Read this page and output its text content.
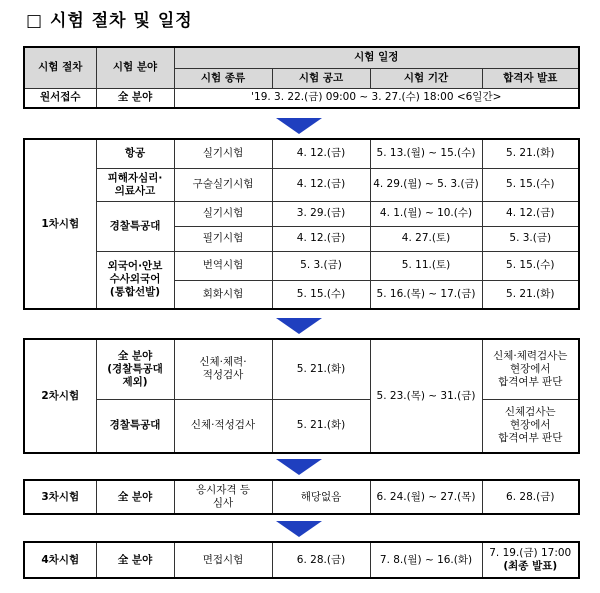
□ 시험 절차 및 일정
시험 절차	시험 분야	시험 일정			
		시험 종류	시험 공고	시험 기간	합격자 발표
원서접수	全 분야	'19. 3. 22.(금) 09:00 ~ 3. 27.(수) 18:00 <6일간>			
1차시험	항공	실기시험	4. 12.(금)	5. 13.(월) ~ 15.(수)	5. 21.(화)
	피해자심리·
의료사고	구술실기시험	4. 12.(금)	4. 29.(월) ~ 5. 3.(금)	5. 15.(수)
	경찰특공대	실기시험	3. 29.(금)	4. 1.(월) ~ 10.(수)	4. 12.(금)
		필기시험	4. 12.(금)	4. 27.(토)	5. 3.(금)
	외국어·안보
수사외국어
(통합선발)	번역시험	5. 3.(금)	5. 11.(토)	5. 15.(수)
		회화시험	5. 15.(수)	5. 16.(목) ~ 17.(금)	5. 21.(화)
2차시험	全 분야
(경찰특공대
제외)	신체·체력·
적성검사	5. 21.(화)	5. 23.(목) ~ 31.(금)	신체·체력검사는
현장에서
합격여부 판단
	경찰특공대	신체·적성검사	5. 21.(화)		신체검사는
현장에서
합격여부 판단
3차시험	全 분야	응시자격 등
심사	해당없음	6. 24.(월) ~ 27.(목)	6. 28.(금)
4차시험	全 분야	면접시험	6. 28.(금)	7. 8.(월) ~ 16.(화)	
7. 19.(금) 17:00
(최종 발표)
